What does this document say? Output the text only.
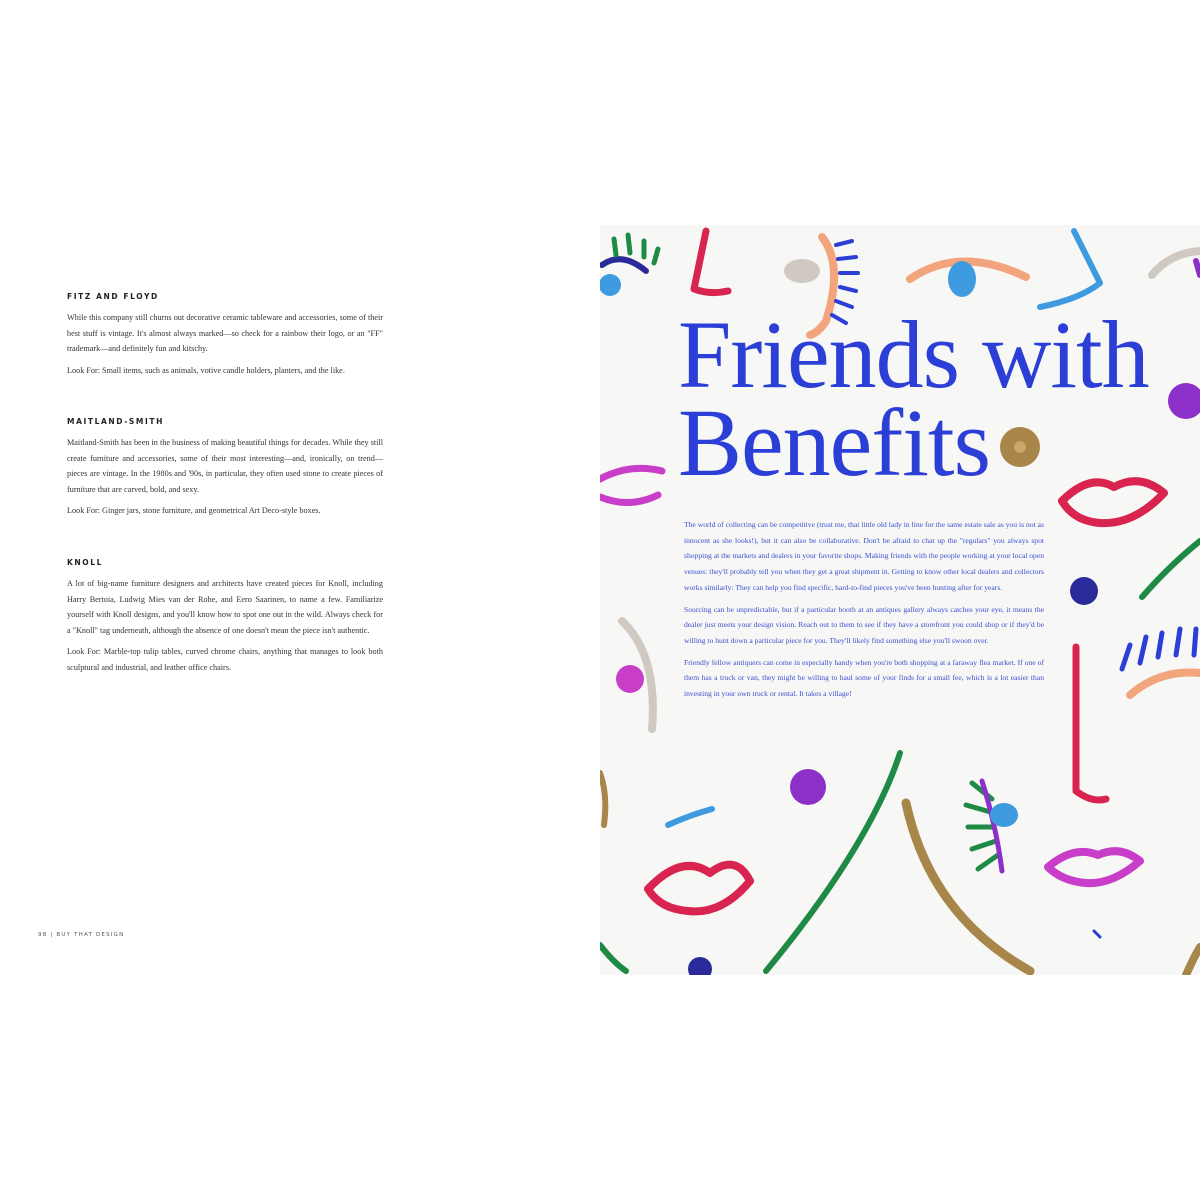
FITZ AND FLOYD

While this company still churns out decorative ceramic tableware and accessories, some of their best stuff is vintage. It's almost always marked—so check for a rainbow their logo, or an "FF" trademark—and definitely fun and kitschy.

Look For: Small items, such as animals, votive candle holders, planters, and the like.

MAITLAND-SMITH

Maitland-Smith has been in the business of making beautiful things for decades. While they still create furniture and accessories, some of their most interesting—and, ironically, on trend—pieces are vintage. In the 1980s and '90s, in particular, they often used stone to create pieces of furniture that are carved, bold, and sexy.

Look For: Ginger jars, stone furniture, and geometrical Art Deco-style boxes.

KNOLL

A lot of big-name furniture designers and architects have created pieces for Knoll, including Harry Bertoia, Ludwig Mies van der Rohe, and Eero Saarinen, to name a few. Familiarize yourself with Knoll designs, and you'll know how to spot one out in the wild. Always check for a "Knoll" tag underneath, although the absence of one doesn't mean the piece isn't authentic.

Look For: Marble-top tulip tables, curved chrome chairs, anything that manages to look both sculptural and industrial, and leather office chairs.

98 | BUY THAT DESIGN
Friends with
Benefits

The world of collecting can be competitive (trust me, that little old lady in line for the same estate sale as you is not as innocent as she looks!), but it can also be collaborative. Don't be afraid to chat up the "regulars" you always spot shopping at the markets and dealers in your favorite shops. Making friends with the people working at your local open venues: they'll probably tell you when they get a great shipment in. Getting to know other local dealers and collectors works similarly: They can help you find specific, hard-to-find pieces you've been hunting after for years.

Sourcing can be unpredictable, but if a particular booth at an antiques gallery always catches your eye, it means the dealer just meets your design vision. Reach out to them to see if they have a storefront you could shop or if they'd be willing to hunt down a particular piece for you. They'll likely find something else you'll swoon over.

Friendly fellow antiquers can come in especially handy when you're both shopping at a faraway flea market. If one of them has a truck or van, they might be willing to haul some of your finds for a small fee, which is a lot easier than investing in your own truck or rental. It takes a village!
